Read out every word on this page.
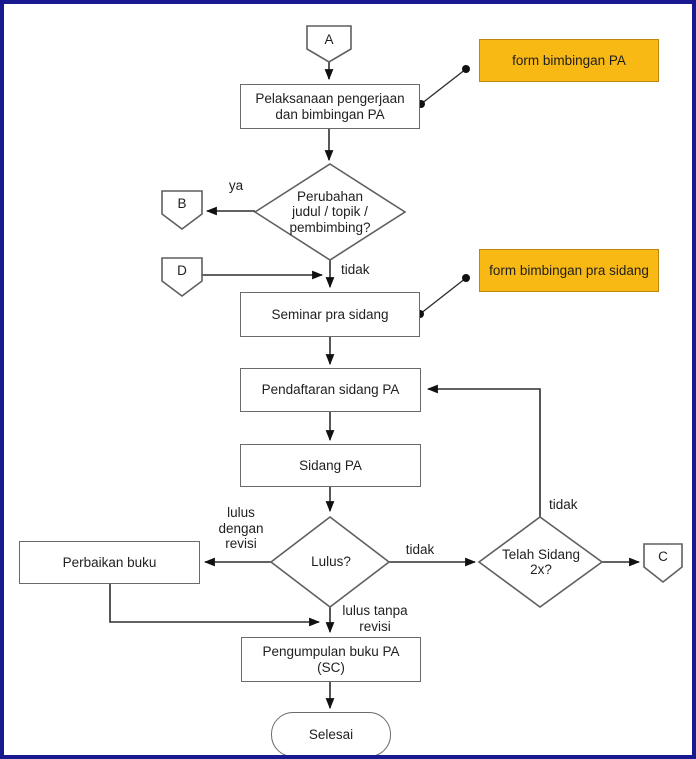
A
B
D
C
Pelaksanaan pengerjaan dan bimbingan PA
Seminar pra sidang
Pendaftaran sidang PA
Sidang PA
Perbaikan buku
Pengumpulan buku PA (SC)
form bimbingan PA
form bimbingan pra sidang
Perubahan judul / topik / pembimbing?
Lulus?
Telah Sidang 2x?
Selesai
ya
tidak
tidak
tidak
lulus dengan revisi
lulus tanpa revisi
